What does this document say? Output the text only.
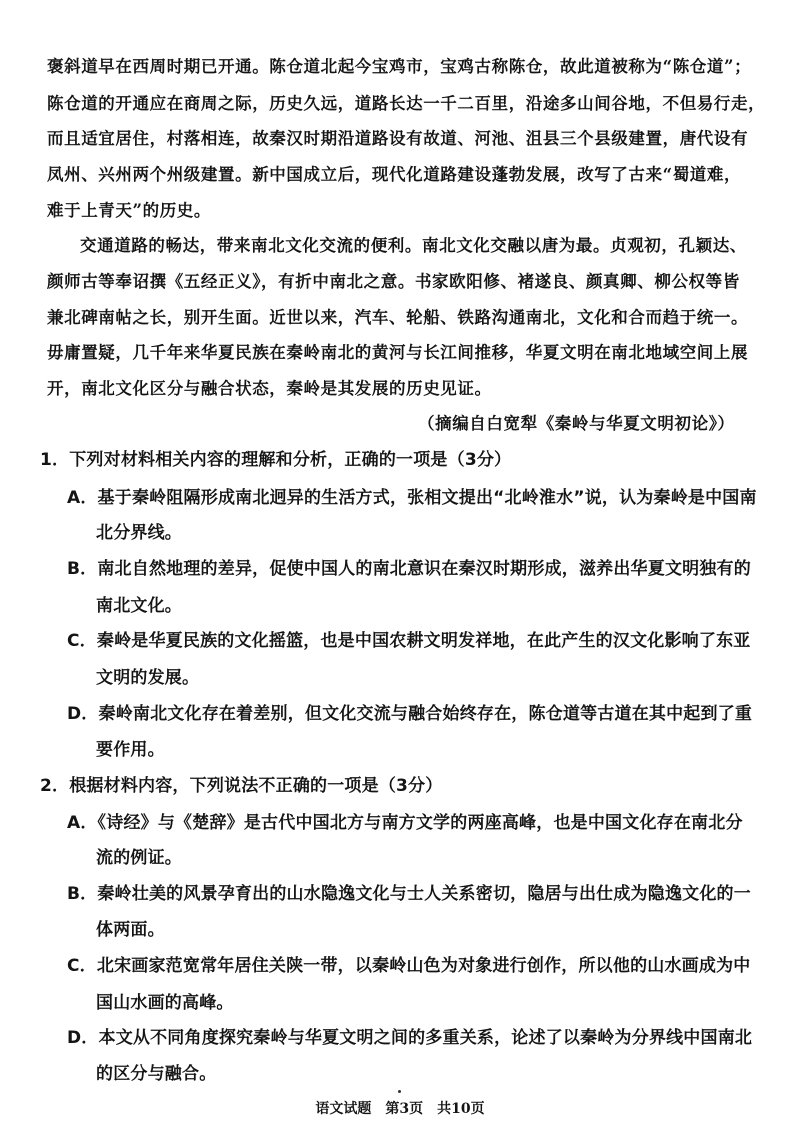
褒斜道早在西周时期已开通。陈仓道北起今宝鸡市，宝鸡古称陈仓，故此道被称为“陈仓道”；
陈仓道的开通应在商周之际，历史久远，道路长达一千二百里，沿途多山间谷地，不但易行走，
而且适宜居住，村落相连，故秦汉时期沿道路设有故道、河池、沮县三个县级建置，唐代设有
凤州、兴州两个州级建置。新中国成立后，现代化道路建设蓬勃发展，改写了古来“蜀道难，
难于上青天”的历史。
交通道路的畅达，带来南北文化交流的便利。南北文化交融以唐为最。贞观初，孔颖达、
颜师古等奉诏撰《五经正义》，有折中南北之意。书家欧阳修、褚遂良、颜真卿、柳公权等皆
兼北碑南帖之长，别开生面。近世以来，汽车、轮船、铁路沟通南北，文化和合而趋于统一。
毋庸置疑，几千年来华夏民族在秦岭南北的黄河与长江间推移，华夏文明在南北地域空间上展
开，南北文化区分与融合状态，秦岭是其发展的历史见证。
（摘编自白宽犁《秦岭与华夏文明初论》）
1．下列对材料相关内容的理解和分析，正确的一项是（3分）
A．基于秦岭阻隔形成南北迥异的生活方式，张相文提出“北岭淮水”说，认为秦岭是中国南
北分界线。
B．南北自然地理的差异，促使中国人的南北意识在秦汉时期形成，滋养出华夏文明独有的
南北文化。
C．秦岭是华夏民族的文化摇篮，也是中国农耕文明发祥地，在此产生的汉文化影响了东亚
文明的发展。
D．秦岭南北文化存在着差别，但文化交流与融合始终存在，陈仓道等古道在其中起到了重
要作用。
2．根据材料内容，下列说法不正确的一项是（3分）
A．《诗经》与《楚辞》是古代中国北方与南方文学的两座高峰，也是中国文化存在南北分
流的例证。
B．秦岭壮美的风景孕育出的山水隐逸文化与士人关系密切，隐居与出仕成为隐逸文化的一
体两面。
C．北宋画家范宽常年居住关陕一带，以秦岭山色为对象进行创作，所以他的山水画成为中
国山水画的高峰。
D．本文从不同角度探究秦岭与华夏文明之间的多重关系，论述了以秦岭为分界线中国南北
的区分与融合。
语文试题　第3页　共10页
